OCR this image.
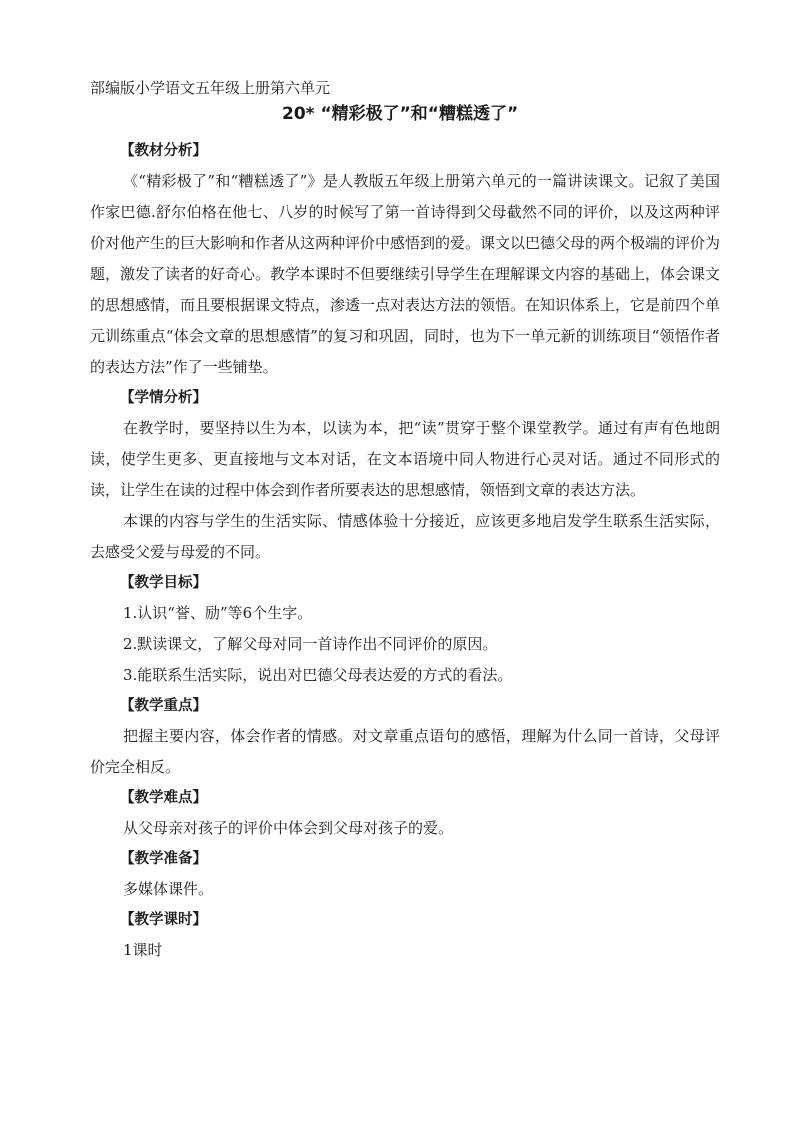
部编版小学语文五年级上册第六单元
20* “精彩极了”和“糟糕透了”
【教材分析】

《“精彩极了”和“糟糕透了”》是人教版五年级上册第六单元的一篇讲读课文。记叙了美国作家巴德.舒尔伯格在他七、八岁的时候写了第一首诗得到父母截然不同的评价，以及这两种评价对他产生的巨大影响和作者从这两种评价中感悟到的爱。课文以巴德父母的两个极端的评价为题，激发了读者的好奇心。教学本课时不但要继续引导学生在理解课文内容的基础上，体会课文的思想感情，而且要根据课文特点，渗透一点对表达方法的领悟。在知识体系上，它是前四个单元训练重点“体会文章的思想感情”的复习和巩固，同时，也为下一单元新的训练项目“领悟作者的表达方法”作了一些铺垫。

【学情分析】

在教学时，要坚持以生为本，以读为本，把“读”贯穿于整个课堂教学。通过有声有色地朗读，使学生更多、更直接地与文本对话，在文本语境中同人物进行心灵对话。通过不同形式的读，让学生在读的过程中体会到作者所要表达的思想感情，领悟到文章的表达方法。

本课的内容与学生的生活实际、情感体验十分接近，应该更多地启发学生联系生活实际，去感受父爱与母爱的不同。

【教学目标】

1.认识“誉、励”等6个生字。

2.默读课文，了解父母对同一首诗作出不同评价的原因。

3.能联系生活实际，说出对巴德父母表达爱的方式的看法。

【教学重点】

把握主要内容，体会作者的情感。对文章重点语句的感悟，理解为什么同一首诗，父母评价完全相反。

【教学难点】

从父母亲对孩子的评价中体会到父母对孩子的爱。

【教学准备】

多媒体课件。

【教学课时】

1课时
